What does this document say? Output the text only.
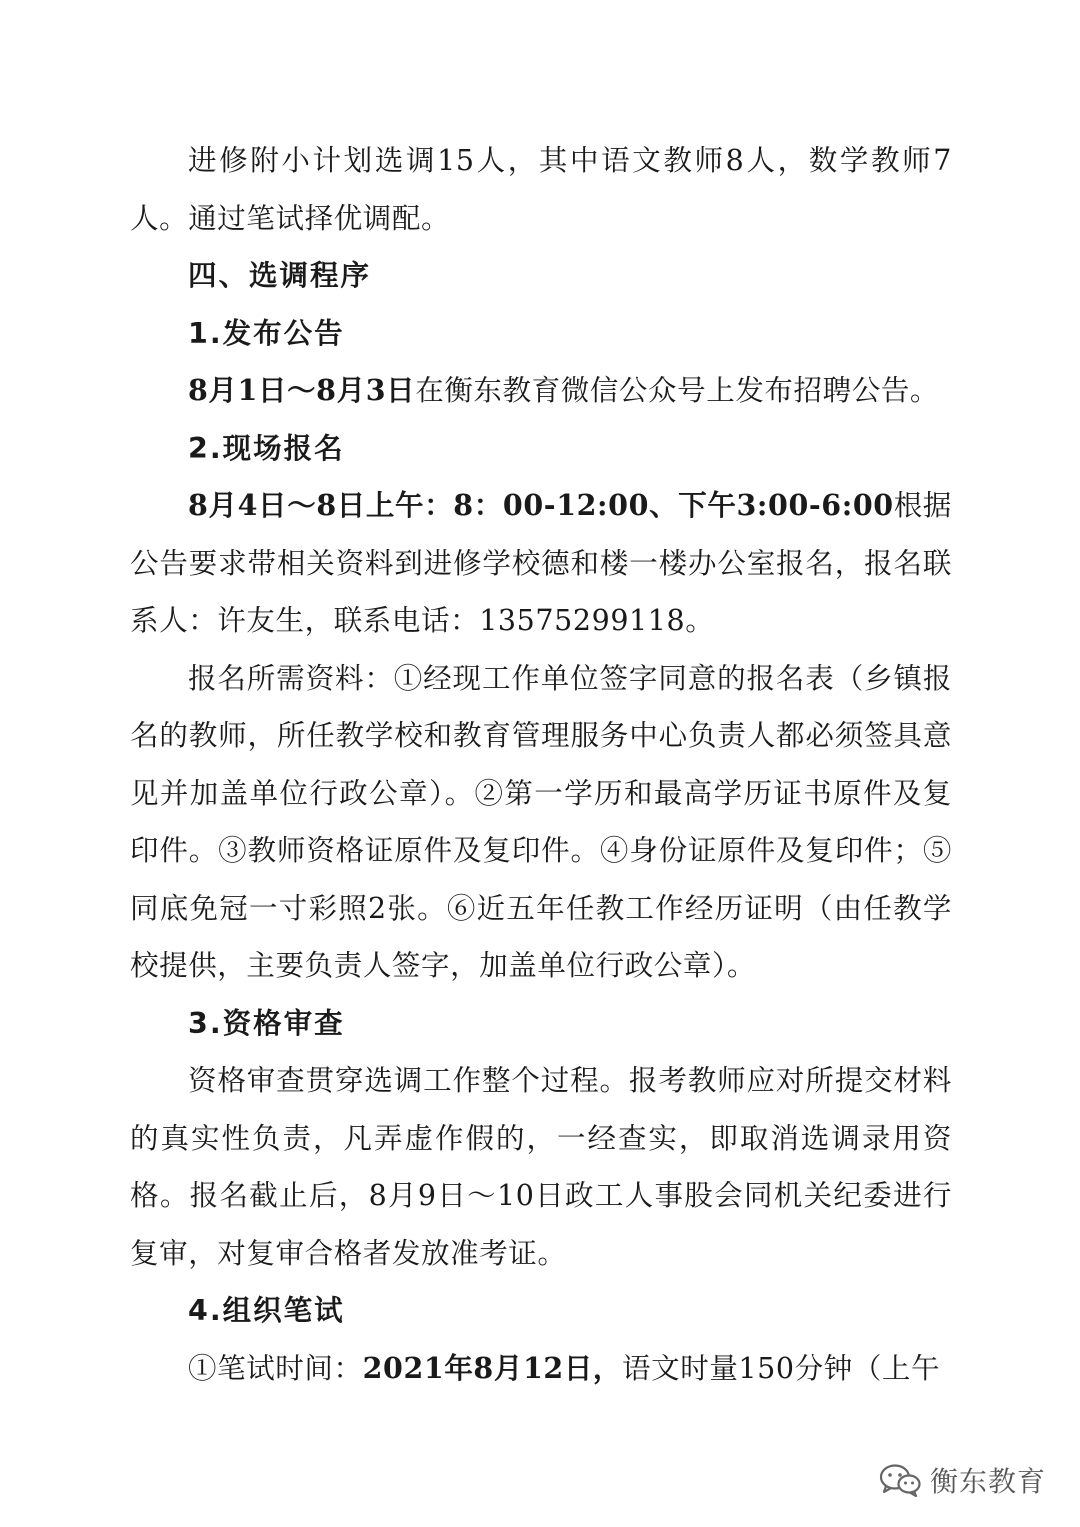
进修附小计划选调15人，其中语文教师8人，数学教师7人。通过笔试择优调配。

四、选调程序

1.发布公告

8月1日～8月3日在衡东教育微信公众号上发布招聘公告。

2.现场报名

8月4日～8日上午：8：00-12:00、下午3:00-6:00根据公告要求带相关资料到进修学校德和楼一楼办公室报名，报名联系人：许友生，联系电话：13575299118。

报名所需资料：①经现工作单位签字同意的报名表（乡镇报名的教师，所任教学校和教育管理服务中心负责人都必须签具意见并加盖单位行政公章）。②第一学历和最高学历证书原件及复印件。③教师资格证原件及复印件。④身份证原件及复印件；⑤同底免冠一寸彩照2张。⑥近五年任教工作经历证明（由任教学校提供，主要负责人签字，加盖单位行政公章）。

3.资格审查

资格审查贯穿选调工作整个过程。报考教师应对所提交材料的真实性负责，凡弄虚作假的，一经查实，即取消选调录用资格。报名截止后，8月9日～10日政工人事股会同机关纪委进行复审，对复审合格者发放准考证。

4.组织笔试

①笔试时间：2021年8月12日，语文时量150分钟（上午

衡东教育
